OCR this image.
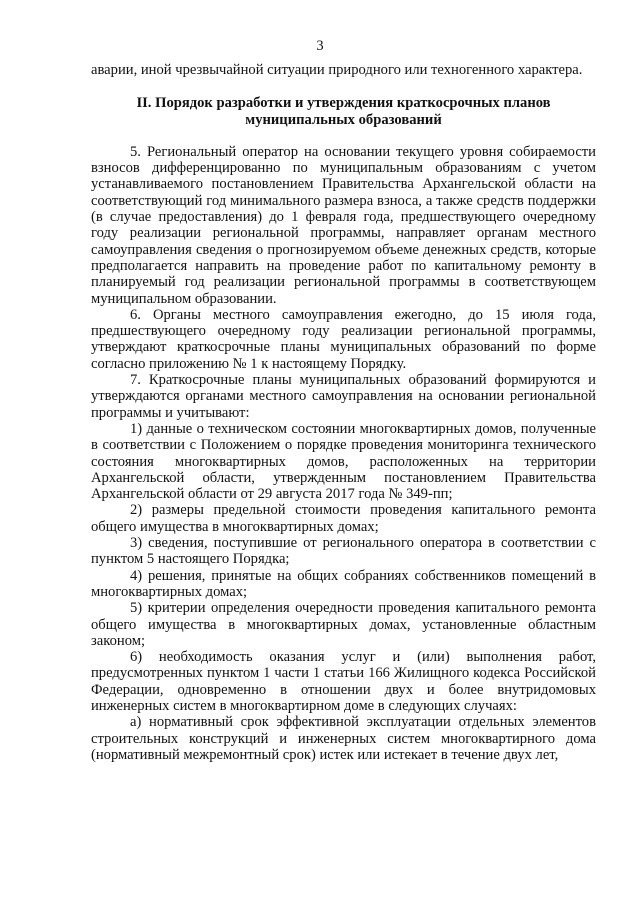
3

аварии, иной чрезвычайной ситуации природного или техногенного характера.

II. Порядок разработки и утверждения краткосрочных планов
муниципальных образований

5. Региональный оператор на основании текущего уровня собираемости взносов дифференцированно по муниципальным образованиям с учетом устанавливаемого постановлением Правительства Архангельской области на соответствующий год минимального размера взноса, а также средств поддержки (в случае предоставления) до 1 февраля года, предшествующего очередному году реализации региональной программы, направляет органам местного самоуправления сведения о прогнозируемом объеме денежных средств, которые предполагается направить на проведение работ по капитальному ремонту в планируемый год реализации региональной программы в соответствующем муниципальном образовании.

6. Органы местного самоуправления ежегодно, до 15 июля года, предшествующего очередному году реализации региональной программы, утверждают краткосрочные планы муниципальных образований по форме согласно приложению № 1 к настоящему Порядку.

7. Краткосрочные планы муниципальных образований формируются и утверждаются органами местного самоуправления на основании региональной программы и учитывают:

1) данные о техническом состоянии многоквартирных домов, полученные в соответствии с Положением о порядке проведения мониторинга технического состояния многоквартирных домов, расположенных на территории Архангельской области, утвержденным постановлением Правительства Архангельской области от 29 августа 2017 года № 349-пп;

2) размеры предельной стоимости проведения капитального ремонта общего имущества в многоквартирных домах;

3) сведения, поступившие от регионального оператора в соответствии с пунктом 5 настоящего Порядка;

4) решения, принятые на общих собраниях собственников помещений в многоквартирных домах;

5) критерии определения очередности проведения капитального ремонта общего имущества в многоквартирных домах, установленные областным законом;

6) необходимость оказания услуг и (или) выполнения работ, предусмотренных пунктом 1 части 1 статьи 166 Жилищного кодекса Российской Федерации, одновременно в отношении двух и более внутридомовых инженерных систем в многоквартирном доме в следующих случаях:

а) нормативный срок эффективной эксплуатации отдельных элементов строительных конструкций и инженерных систем многоквартирного дома (нормативный межремонтный срок) истек или истекает в течение двух лет,
